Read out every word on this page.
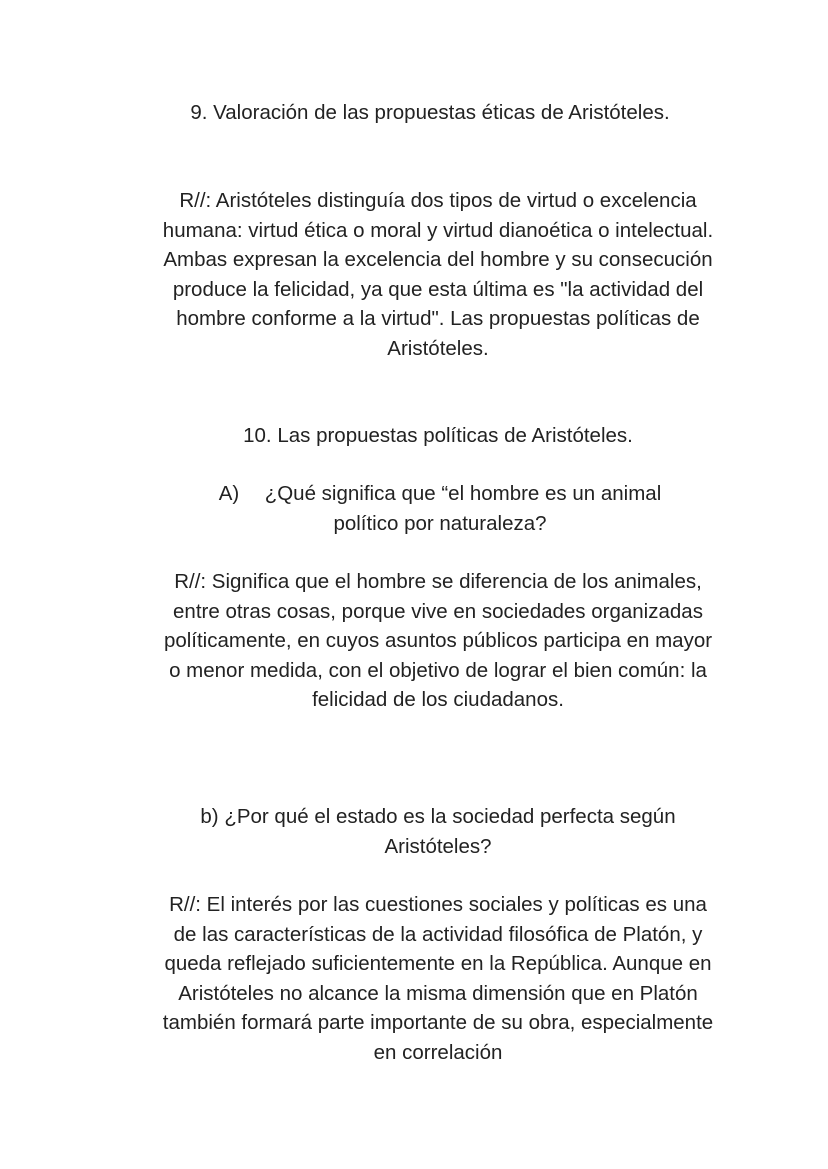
9. Valoración de las propuestas éticas de Aristóteles.

R//: Aristóteles distinguía dos tipos de virtud o excelencia humana: virtud ética o moral y virtud dianoética o intelectual. Ambas expresan la excelencia del hombre y su consecución produce la felicidad, ya que esta última es "la actividad del hombre conforme a la virtud". Las propuestas políticas de Aristóteles.

10. Las propuestas políticas de Aristóteles.

A) ¿Qué significa que “el hombre es un animal político por naturaleza?

R//: Significa que el hombre se diferencia de los animales, entre otras cosas, porque vive en sociedades organizadas políticamente, en cuyos asuntos públicos participa en mayor o menor medida, con el objetivo de lograr el bien común: la felicidad de los ciudadanos.

b) ¿Por qué el estado es la sociedad perfecta según Aristóteles?

R//: El interés por las cuestiones sociales y políticas es una de las características de la actividad filosófica de Platón, y queda reflejado suficientemente en la República. Aunque en Aristóteles no alcance la misma dimensión que en Platón también formará parte importante de su obra, especialmente en correlación
